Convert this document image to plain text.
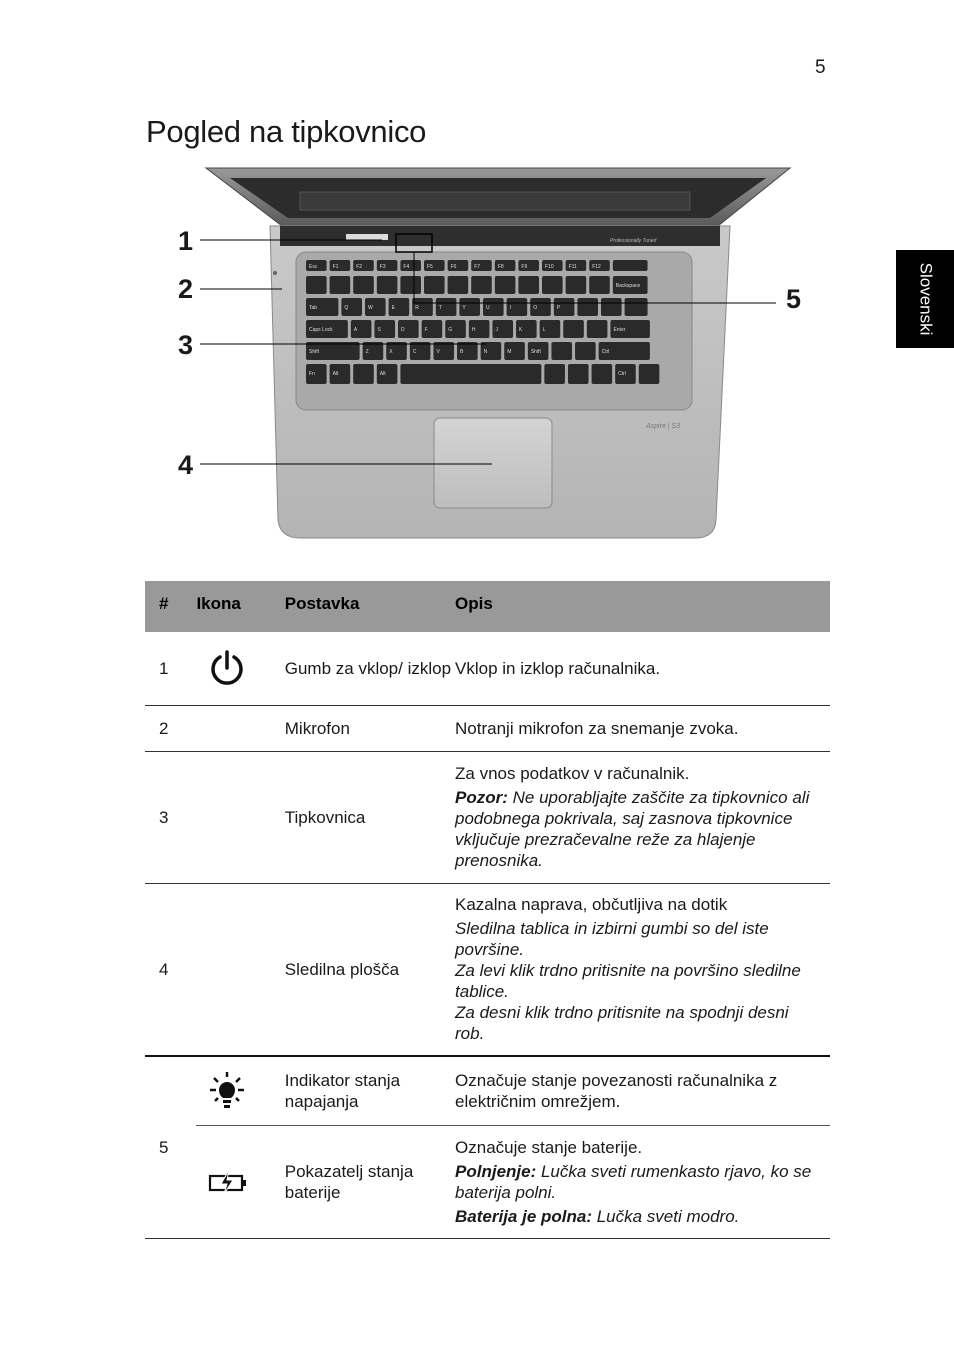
5
Pogled na tipkovnico
Slovenski
Professionally Tuned
Esc	F1	F2	F3	F4	F5	F6	F7	F8	F9	F10	F11	F12
Backspace
Tab	Q	W	E	R	T	Y	U	I	O	P
Caps Lock	A	S	D	F	G	H	J	K	L	Enter
Shift	Z	X	C	V	B	N	M	Shift	Ctrl
Fn	Alt	Alt	Ctrl
Aspire | S3
1
2
3
4
5
#	Ikona	Postavka	Opis
1		Gumb za vklop/ izklop	Vklop in izklop računalnika.
2		Mikrofon	Notranji mikrofon za snemanje zvoka.
3		Tipkovnica	Za vnos podatkov v računalnik.

Pozor: Ne uporabljajte zaščite za tipkovnico ali podobnega pokrivala, saj zasnova tipkovnice vključuje prezračevalne reže za hlajenje prenosnika.

4		Sledilna plošča	Kazalna naprava, občutljiva na dotik

Sledilna tablica in izbirni gumbi so del iste površine.

Za levi klik trdno pritisnite na površino sledilne tablice.

Za desni klik trdno pritisnite na spodnji desni rob.

5		Indikator stanja napajanja	Označuje stanje povezanosti računalnika z električnim omrežjem.

	Pokazatelj stanja baterije	Označuje stanje baterije.

Polnjenje: Lučka sveti rumenkasto rjavo, ko se baterija polni.

Baterija je polna: Lučka sveti modro.
